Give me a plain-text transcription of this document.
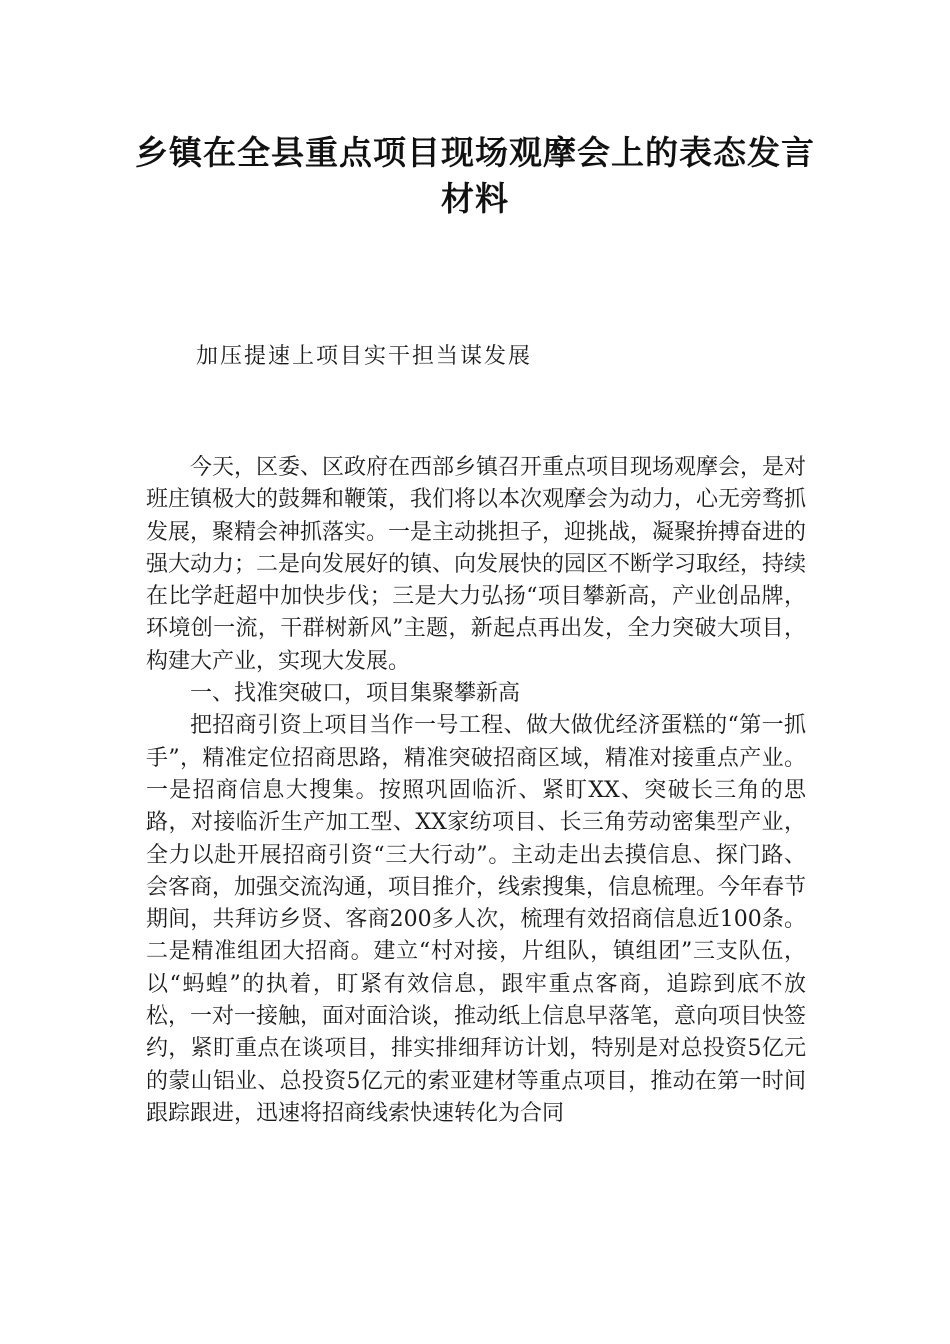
乡镇在全县重点项目现场观摩会上的表态发言材料

加压提速上项目实干担当谋发展

今天，区委、区政府在西部乡镇召开重点项目现场观摩会，是对班庄镇极大的鼓舞和鞭策，我们将以本次观摩会为动力，心无旁骛抓发展，聚精会神抓落实。一是主动挑担子，迎挑战，凝聚拚搏奋进的强大动力；二是向发展好的镇、向发展快的园区不断学习取经，持续在比学赶超中加快步伐；三是大力弘扬“项目攀新高，产业创品牌，环境创一流，干群树新风”主题，新起点再出发，全力突破大项目，构建大产业，实现大发展。

一、找准突破口，项目集聚攀新高

把招商引资上项目当作一号工程、做大做优经济蛋糕的“第一抓手”，精准定位招商思路，精准突破招商区域，精准对接重点产业。一是招商信息大搜集。按照巩固临沂、紧盯XX、突破长三角的思路，对接临沂生产加工型、XX家纺项目、长三角劳动密集型产业，全力以赴开展招商引资“三大行动”。主动走出去摸信息、探门路、会客商，加强交流沟通，项目推介，线索搜集，信息梳理。今年春节期间，共拜访乡贤、客商200多人次，梳理有效招商信息近100条。二是精准组团大招商。建立“村对接，片组队，镇组团”三支队伍，以“蚂蝗”的执着，盯紧有效信息，跟牢重点客商，追踪到底不放松，一对一接触，面对面洽谈，推动纸上信息早落笔，意向项目快签约，紧盯重点在谈项目，排实排细拜访计划，特别是对总投资5亿元的蒙山铝业、总投资5亿元的索亚建材等重点项目，推动在第一时间跟踪跟进，迅速将招商线索快速转化为合同
